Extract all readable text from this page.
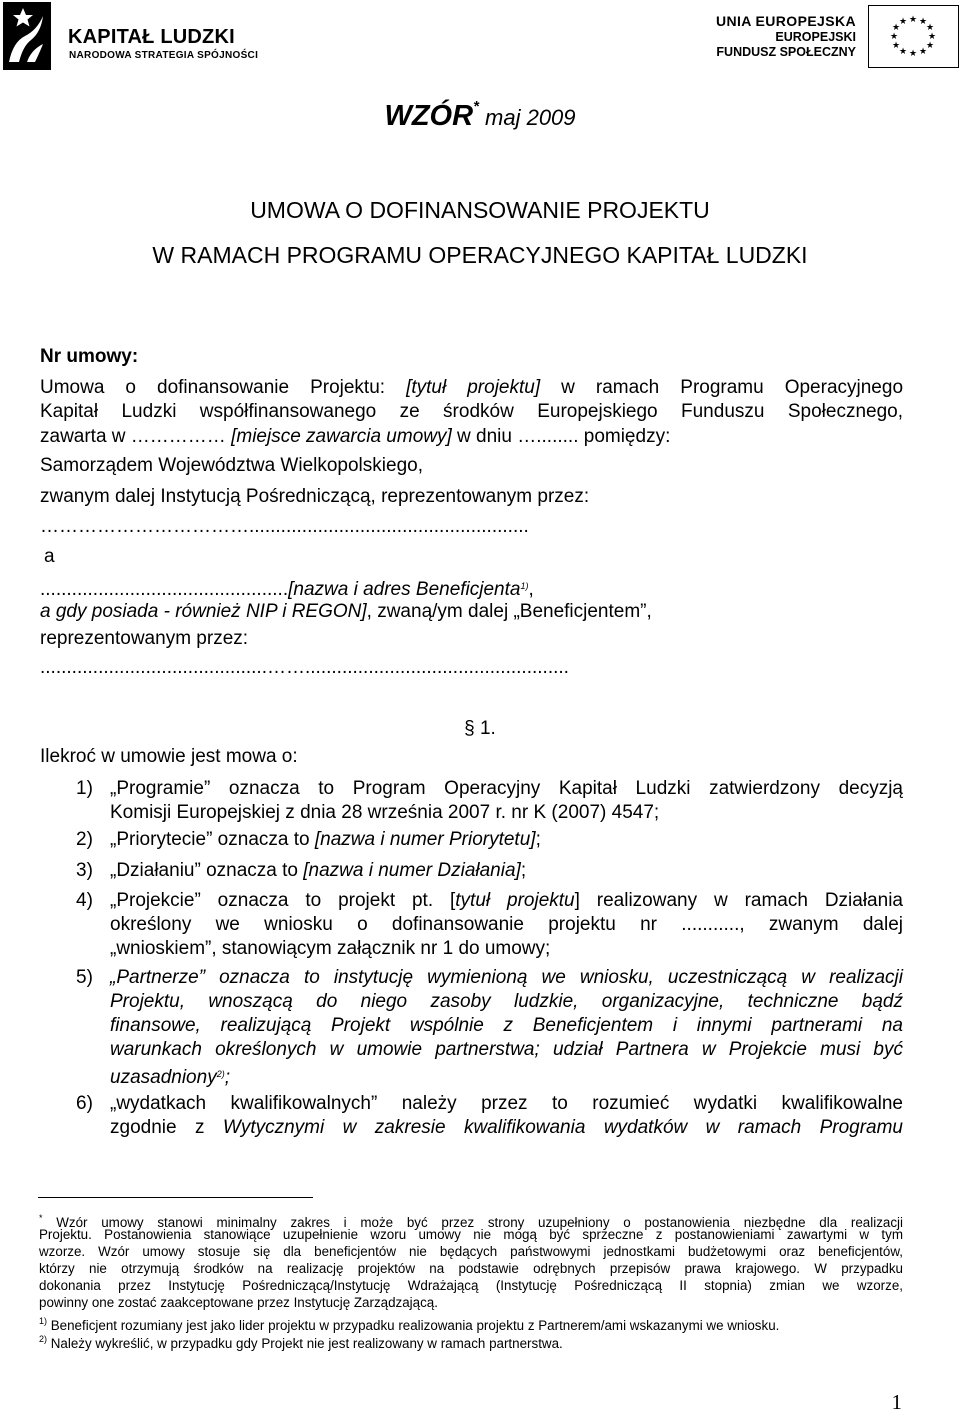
KAPITAŁ LUDZKI
NARODOWA STRATEGIA SPÓJNOŚCI
UNIA EUROPEJSKA
EUROPEJSKI
FUNDUSZ SPOŁECZNY
★ ★
★
★
★
★
★
★
★
★
★
★
WZÓR* maj 2009
UMOWA O DOFINANSOWANIE PROJEKTU
W RAMACH PROGRAMU OPERACYJNEGO KAPITAŁ LUDZKI
Nr umowy:
Umowa o dofinansowanie Projektu: [tytuł projektu] w ramach Programu Operacyjnego
Kapitał Ludzki współfinansowanego ze środków Europejskiego Funduszu Społecznego,
zawarta w …………… [miejsce zawarcia umowy] w dniu …........ pomiędzy:
Samorządem Województwa Wielkopolskiego,
zwanym dalej Instytucją Pośredniczącą, reprezentowanym przez:
…………………………….....................................................
a
...............................................[nazwa i adres Beneficjenta$^{1)}$,
a gdy posiada - również NIP i REGON], zwaną/ym dalej „Beneficjentem”,
reprezentowanym przez:
...........................................……..................................................
§ 1.
Ilekroć w umowie jest mowa o:
1) „Programie” oznacza to Program Operacyjny Kapitał Ludzki zatwierdzony decyzją
Komisji Europejskiej z dnia 28 września 2007 r. nr K (2007) 4547;
2) „Priorytecie” oznacza to [nazwa i numer Priorytetu];
3) „Działaniu” oznacza to [nazwa i numer Działania];
4) „Projekcie” oznacza to projekt pt. [tytuł projektu] realizowany w ramach Działania
określony we wniosku o dofinansowanie projektu nr ..........., zwanym dalej
„wnioskiem”, stanowiącym załącznik nr 1 do umowy;
5) „Partnerze” oznacza to instytucję wymienioną we wniosku, uczestniczącą w realizacji
Projektu, wnoszącą do niego zasoby ludzkie, organizacyjne, techniczne bądź
finansowe, realizującą Projekt wspólnie z Beneficjentem i innymi partnerami na
warunkach określonych w umowie partnerstwa; udział Partnera w Projekcie musi być
uzasadniony$^{2)}$;
6) „wydatkach kwalifikowalnych” należy przez to rozumieć wydatki kwalifikowalne
zgodnie z Wytycznymi w zakresie kwalifikowania wydatków w ramach Programu
* Wzór umowy stanowi minimalny zakres i może być przez strony uzupełniony o postanowienia niezbędne dla realizacji
Projektu. Postanowienia stanowiące uzupełnienie wzoru umowy nie mogą być sprzeczne z postanowieniami zawartymi w tym
wzorze. Wzór umowy stosuje się dla beneficjentów nie będących państwowymi jednostkami budżetowymi oraz beneficjentów,
którzy nie otrzymują środków na realizację projektów na podstawie odrębnych przepisów prawa krajowego. W przypadku
dokonania przez Instytucję Pośredniczącą/Instytucję Wdrażającą (Instytucję Pośredniczącą II stopnia) zmian we wzorze,
powinny one zostać zaakceptowane przez Instytucję Zarządzającą.
$^{1)}$ Beneficjent rozumiany jest jako lider projektu w przypadku realizowania projektu z Partnerem/ami wskazanymi we wniosku.
$^{2)}$ Należy wykreślić, w przypadku gdy Projekt nie jest realizowany w ramach partnerstwa.
1
